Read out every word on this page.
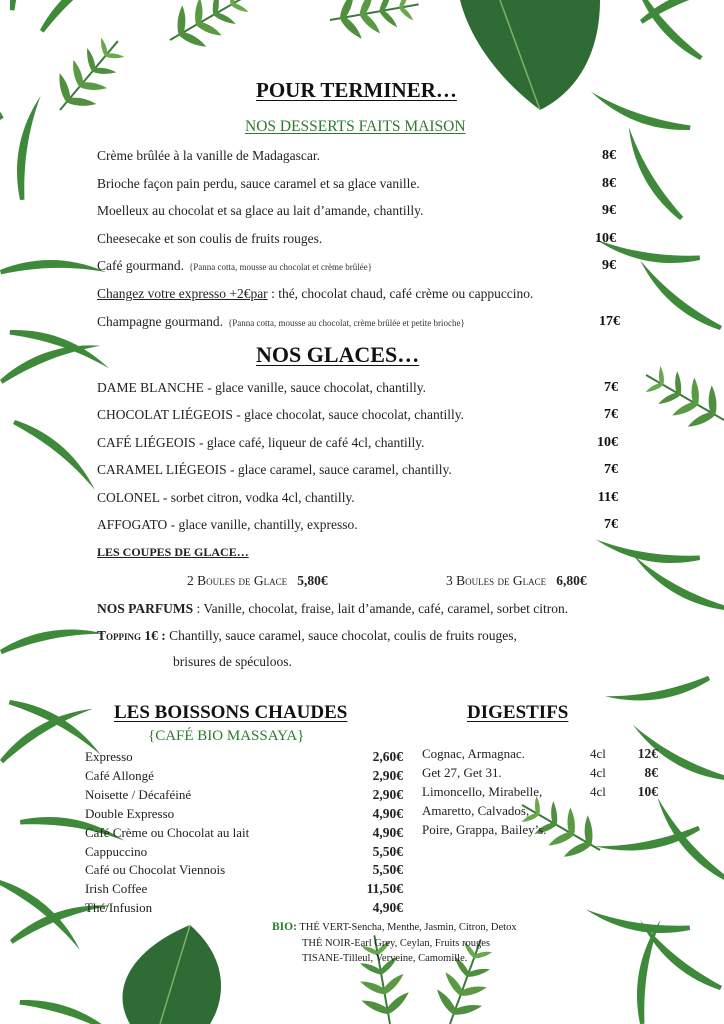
POUR TERMINER…
NOS DESSERTS FAITS MAISON
Crème brûlée à la vanille de Madagascar.	8€
Brioche façon pain perdu, sauce caramel et sa glace vanille.	8€
Moelleux au chocolat et sa glace au lait d’amande, chantilly.	9€
Cheesecake et son coulis de fruits rouges.	10€
Café gourmand. {Panna cotta, mousse au chocolat et crème brûlée}	9€
Changez votre expresso +2€par : thé, chocolat chaud, café crème ou cappuccino.
Champagne gourmand. {Panna cotta, mousse au chocolat, crème brûlée et petite brioche}	17€
NOS GLACES…
DAME BLANCHE - glace vanille, sauce chocolat, chantilly.	7€
CHOCOLAT LIÉGEOIS - glace chocolat, sauce chocolat, chantilly.	7€
CAFÉ LIÉGEOIS - glace café, liqueur de café 4cl, chantilly.	10€
CARAMEL LIÉGEOIS - glace caramel, sauce caramel, chantilly.	7€
COLONEL - sorbet citron, vodka 4cl, chantilly.	11€
AFFOGATO - glace vanille, chantilly, expresso.	7€
LES COUPES DE GLACE…
2 Boules de Glace 5,80€	3 Boules de Glace 6,80€
NOS PARFUMS : Vanille, chocolat, fraise, lait d’amande, café, caramel, sorbet citron.
Topping 1€ : Chantilly, sauce caramel, sauce chocolat, coulis de fruits rouges,
brisures de spéculoos.
LES BOISSONS CHAUDES
{CAFÉ BIO MASSAYA}
Expresso	2,60€
Café Allongé	2,90€
Noisette / Décaféiné	2,90€
Double Expresso	4,90€
Café Crème ou Chocolat au lait	4,90€
Cappuccino	5,50€
Café ou Chocolat Viennois	5,50€
Irish Coffee	11,50€
Thé/Infusion	4,90€
BIO: THÉ VERT-Sencha, Menthe, Jasmin, Citron, Detox
THÉ NOIR-Earl Grey, Ceylan, Fruits rouges
TISANE-Tilleul, Verveine, Camomille.
DIGESTIFS
Cognac, Armagnac.	4cl	12€
Get 27, Get 31.	4cl	8€
Limoncello, Mirabelle,	4cl	10€
Amaretto, Calvados,
Poire, Grappa, Bailey’s.
